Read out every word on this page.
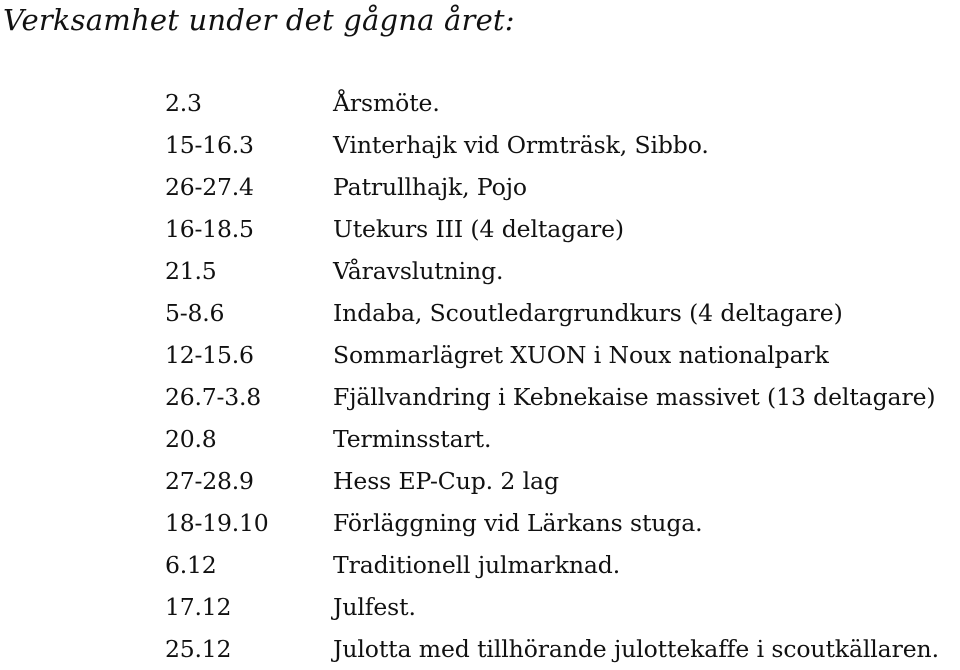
Verksamhet under det gågna året:
2.3	Årsmöte.
15-16.3	Vinterhajk vid Ormträsk, Sibbo.
26-27.4	Patrullhajk, Pojo
16-18.5	Utekurs III (4 deltagare)
21.5	Våravslutning.
5-8.6	Indaba, Scoutledargrundkurs (4 deltagare)
12-15.6	Sommarlägret XUON i Noux nationalpark
26.7-3.8	Fjällvandring i Kebnekaise massivet (13 deltagare)
20.8	Terminsstart.
27-28.9	Hess EP-Cup. 2 lag
18-19.10	Förläggning vid Lärkans stuga.
6.12	Traditionell julmarknad.
17.12	Julfest.
25.12	Julotta med tillhörande julottekaffe i scoutkällaren.
